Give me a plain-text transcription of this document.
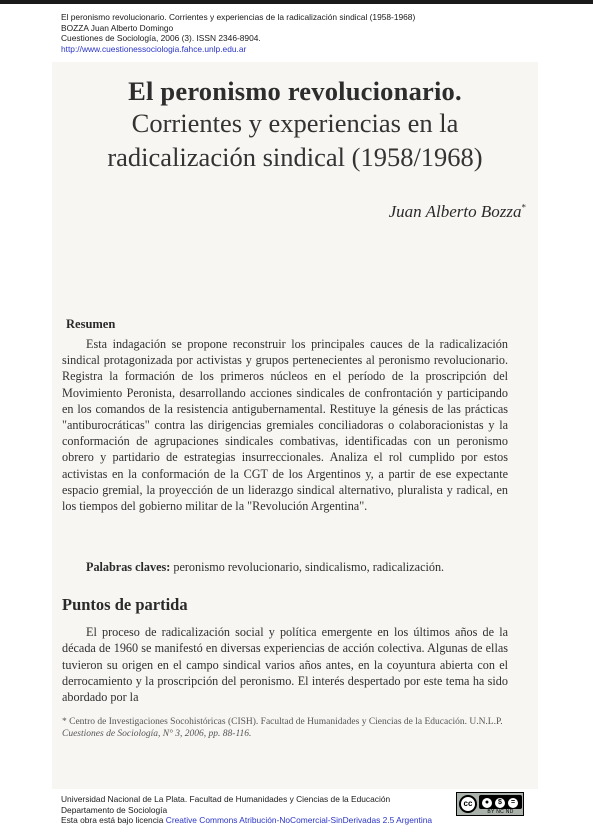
El peronismo revolucionario. Corrientes y experiencias de la radicalización sindical (1958-1968)
BOZZA Juan Alberto Domingo
Cuestiones de Sociología, 2006 (3). ISSN 2346-8904.
http://www.cuestionessociologia.fahce.unlp.edu.ar
El peronismo revolucionario.
Corrientes y experiencias en la
radicalización sindical (1958/1968)
Juan Alberto Bozza*
Resumen

Esta indagación se propone reconstruir los principales cauces de la radicalización sindical protagonizada por activistas y grupos pertenecientes al peronismo revolucionario. Registra la formación de los primeros núcleos en el período de la proscripción del Movimiento Peronista, desarrollando acciones sindicales de confrontación y participando en los comandos de la resistencia antigubernamental. Restituye la génesis de las prácticas "antiburocráticas" contra las dirigencias gremiales conciliadoras o colaboracionistas y la conformación de agrupaciones sindicales combativas, identificadas con un peronismo obrero y partidario de estrategias insurreccionales. Analiza el rol cumplido por estos activistas en la conformación de la CGT de los Argentinos y, a partir de ese expectante espacio gremial, la proyección de un liderazgo sindical alternativo, pluralista y radical, en los tiempos del gobierno militar de la "Revolución Argentina".

Palabras claves: peronismo revolucionario, sindicalismo, radicalización.
Puntos de partida

El proceso de radicalización social y política emergente en los últimos años de la década de 1960 se manifestó en diversas experiencias de acción colectiva. Algunas de ellas tuvieron su origen en el campo sindical varios años antes, en la coyuntura abierta con el derrocamiento y la proscripción del peronismo. El interés despertado por este tema ha sido abordado por la

* Centro de Investigaciones Socohistóricas (CISH). Facultad de Humanidades y Ciencias de la Educación. U.N.L.P.

Cuestiones de Sociología, N° 3, 2006, pp. 88-116.

Universidad Nacional de La Plata. Facultad de Humanidades y Ciencias de la Educación
Departamento de Sociología
Esta obra está bajo licencia Creative Commons Atribución-NoComercial-SinDerivadas 2.5 Argentina
cc	●	$	=
BY NC ND
